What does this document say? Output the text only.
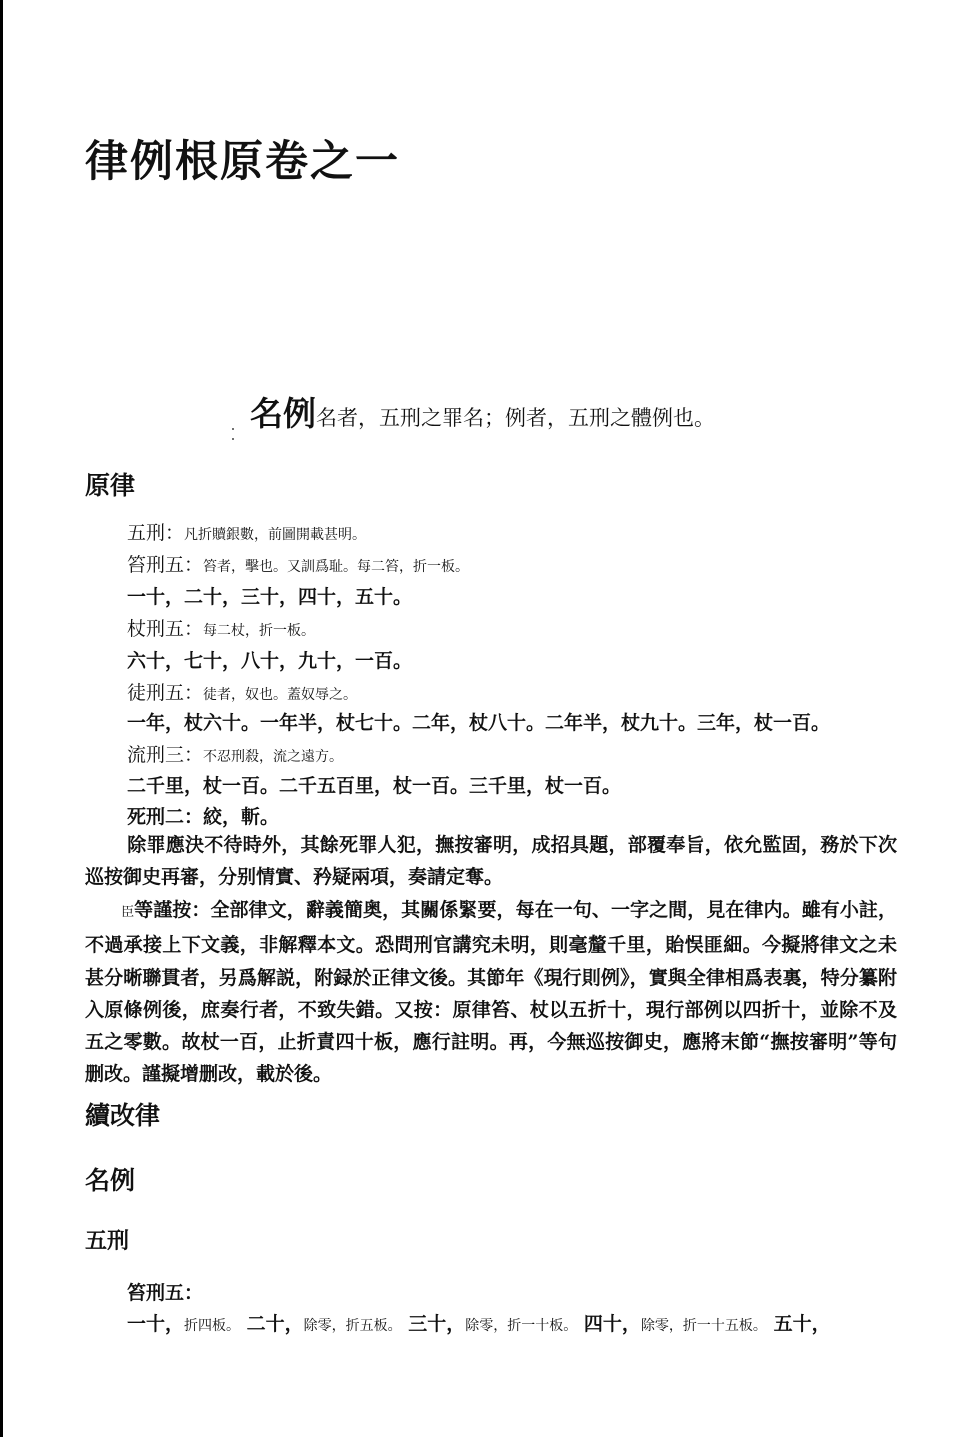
律例根原卷之一
名例名者，五刑之罪名；例者，五刑之體例也。
原律
五刑：凡折贖銀數，前圖開載甚明。
笞刑五：笞者，擊也。又訓爲耻。每二笞，折一板。
一十，二十，三十，四十，五十。
杖刑五：每二杖，折一板。
六十，七十，八十，九十，一百。
徒刑五：徒者，奴也。蓋奴辱之。
一年，杖六十。一年半，杖七十。二年，杖八十。二年半，杖九十。三年，杖一百。
流刑三：不忍刑殺，流之遠方。
二千里，杖一百。二千五百里，杖一百。三千里，杖一百。
死刑二：絞，斬。
除罪應決不待時外，其餘死罪人犯，撫按審明，成招具題，部覆奉旨，依允監固，務於下次巡按御史再審，分别情實、矜疑兩項，奏請定奪。
臣等謹按：全部律文，辭義簡奥，其關係緊要，每在一句、一字之間，見在律内。雖有小註，不過承接上下文義，非解釋本文。恐問刑官講究未明，則毫釐千里，貽悮匪細。今擬將律文之未甚分晰聯貫者，另爲解説，附録於正律文後。其節年《現行則例》，實與全律相爲表裏，特分纂附入原條例後，庶奏行者，不致失錯。又按：原律笞、杖以五折十，現行部例以四折十，並除不及五之零數。故杖一百，止折責四十板，應行註明。再，今無巡按御史，應將末節“撫按審明”等句删改。謹擬增删改，載於後。
續改律
名例
五刑
笞刑五：
一十，折四板。 二十，除零，折五板。 三十，除零，折一十板。 四十，除零，折一十五板。 五十，
